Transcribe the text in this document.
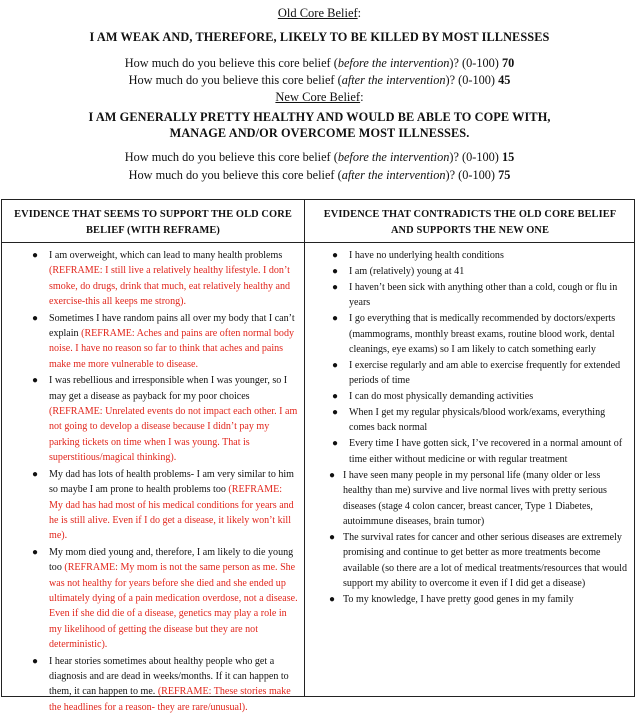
Old Core Belief:
I AM WEAK AND, THEREFORE, LIKELY TO BE KILLED BY MOST ILLNESSES
How much do you believe this core belief (before the intervention)? (0-100) 70
How much do you believe this core belief (after the intervention)? (0-100) 45
New Core Belief:
I AM GENERALLY PRETTY HEALTHY AND WOULD BE ABLE TO COPE WITH,
MANAGE AND/OR OVERCOME MOST ILLNESSES.
How much do you believe this core belief (before the intervention)? (0-100) 15
How much do you believe this core belief (after the intervention)? (0-100) 75
EVIDENCE THAT SEEMS TO SUPPORT THE OLD CORE
BELIEF (WITH REFRAME)
EVIDENCE THAT CONTRADICTS THE OLD CORE BELIEF
AND SUPPORTS THE NEW ONE
● I am overweight, which can lead to many health problems (REFRAME: I still live a relatively healthy lifestyle. I don’t smoke, do drugs, drink that much, eat relatively healthy and exercise-this all keeps me strong).
● Sometimes I have random pains all over my body that I can’t explain (REFRAME: Aches and pains are often normal body noise. I have no reason so far to think that aches and pains make me more vulnerable to disease.
● I was rebellious and irresponsible when I was younger, so I may get a disease as payback for my poor choices (REFRAME: Unrelated events do not impact each other. I am not going to develop a disease because I didn’t pay my parking tickets on time when I was young. That is superstitious/magical thinking).
● My dad has lots of health problems- I am very similar to him so maybe I am prone to health problems too (REFRAME: My dad has had most of his medical conditions for years and he is still alive. Even if I do get a disease, it likely won’t kill me).
● My mom died young and, therefore, I am likely to die young too (REFRAME: My mom is not the same person as me. She was not healthy for years before she died and she ended up ultimately dying of a pain medication overdose, not a disease. Even if she did die of a disease, genetics may play a role in my likelihood of getting the disease but they are not deterministic).
● I hear stories sometimes about healthy people who get a diagnosis and are dead in weeks/months. If it can happen to them, it can happen to me. (REFRAME: These stories make the headlines for a reason- they are rare/unusual).
● I have no underlying health conditions
● I am (relatively) young at 41
● I haven’t been sick with anything other than a cold, cough or flu in years
● I go everything that is medically recommended by doctors/experts (mammograms, monthly breast exams, routine blood work, dental cleanings, eye exams) so I am likely to catch something early
● I exercise regularly and am able to exercise frequently for extended periods of time
● I can do most physically demanding activities
● When I get my regular physicals/blood work/exams, everything comes back normal
● Every time I have gotten sick, I’ve recovered in a normal amount of time either without medicine or with regular treatment
● I have seen many people in my personal life (many older or less healthy than me) survive and live normal lives with pretty serious diseases (stage 4 colon cancer, breast cancer, Type 1 Diabetes, autoimmune diseases, brain tumor)
● The survival rates for cancer and other serious diseases are extremely promising and continue to get better as more treatments become available (so there are a lot of medical treatments/resources that would support my ability to overcome it even if I did get a disease)
● To my knowledge, I have pretty good genes in my family
